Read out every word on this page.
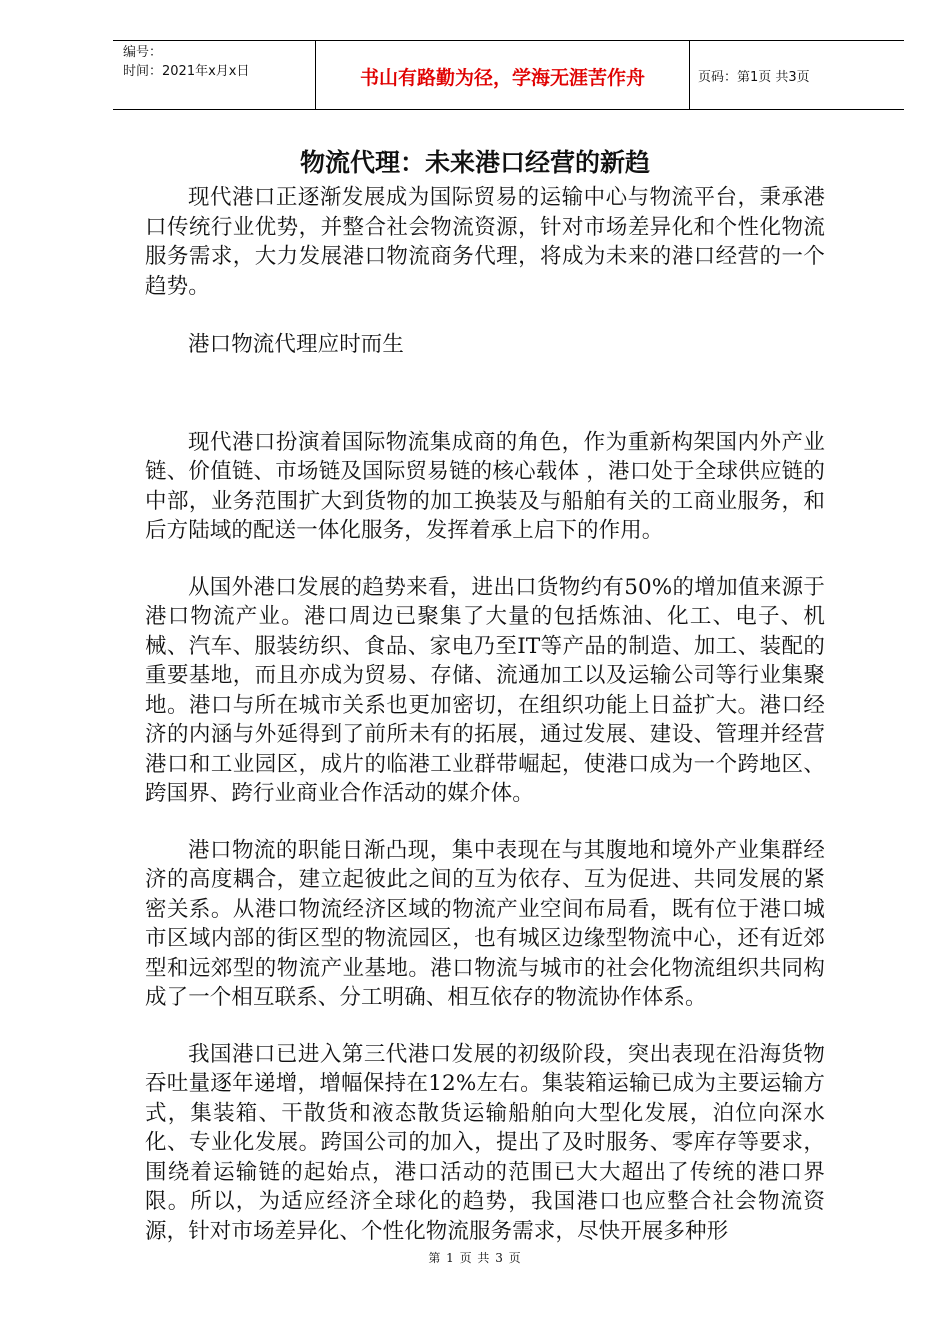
编号：
时间：2021年x月x日	书山有路勤为径，学海无涯苦作舟	页码：第1页 共3页
物流代理：未来港口经营的新趋

现代港口正逐渐发展成为国际贸易的运输中心与物流平台，秉承港口传统行业优势，并整合社会物流资源，针对市场差异化和个性化物流服务需求，大力发展港口物流商务代理，将成为未来的港口经营的一个趋势。

港口物流代理应时而生

现代港口扮演着国际物流集成商的角色，作为重新构架国内外产业链、价值链、市场链及国际贸易链的核心载体 ，港口处于全球供应链的中部，业务范围扩大到货物的加工换装及与船舶有关的工商业服务，和后方陆域的配送一体化服务，发挥着承上启下的作用。

从国外港口发展的趋势来看，进出口货物约有50%的增加值来源于港口物流产业。港口周边已聚集了大量的包括炼油、化工、电子、机械、汽车、服装纺织、食品、家电乃至IT等产品的制造、加工、装配的重要基地，而且亦成为贸易、存储、流通加工以及运输公司等行业集聚地。港口与所在城市关系也更加密切，在组织功能上日益扩大。港口经济的内涵与外延得到了前所未有的拓展，通过发展、建设、管理并经营港口和工业园区，成片的临港工业群带崛起，使港口成为一个跨地区、跨国界、跨行业商业合作活动的媒介体。

港口物流的职能日渐凸现，集中表现在与其腹地和境外产业集群经济的高度耦合，建立起彼此之间的互为依存、互为促进、共同发展的紧密关系。从港口物流经济区域的物流产业空间布局看，既有位于港口城市区域内部的街区型的物流园区，也有城区边缘型物流中心，还有近郊型和远郊型的物流产业基地。港口物流与城市的社会化物流组织共同构成了一个相互联系、分工明确、相互依存的物流协作体系。

我国港口已进入第三代港口发展的初级阶段，突出表现在沿海货物吞吐量逐年递增，增幅保持在12%左右。集装箱运输已成为主要运输方式，集装箱、干散货和液态散货运输船舶向大型化发展，泊位向深水化、专业化发展。跨国公司的加入，提出了及时服务、零库存等要求，围绕着运输链的起始点，港口活动的范围已大大超出了传统的港口界限。所以，为适应经济全球化的趋势，我国港口也应整合社会物流资源，针对市场差异化、个性化物流服务需求，尽快开展多种形

第 1 页 共 3 页
